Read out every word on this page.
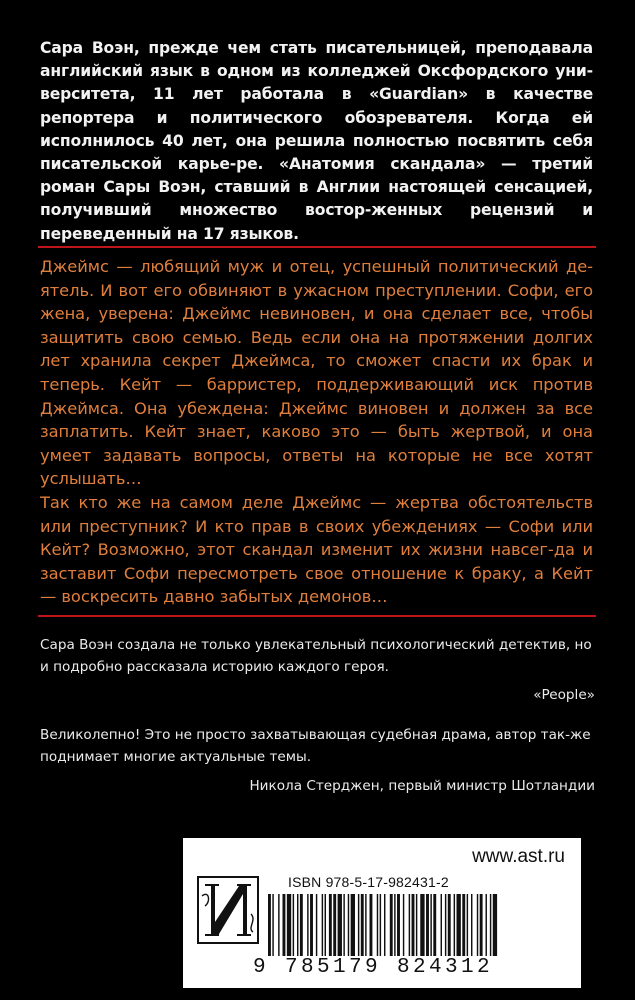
Сара Воэн, прежде чем стать писательницей, преподавала английский язык в одном из колледжей Оксфордского уни-верситета, 11 лет работала в «Guardian» в качестве репортера и политического обозревателя. Когда ей исполнилось 40 лет, она решила полностью посвятить себя писательской карье-ре. «Анатомия скандала» — третий роман Сары Воэн, ставший в Англии настоящей сенсацией, получивший множество востор-женных рецензий и переведенный на 17 языков.

Джеймс — любящий муж и отец, успешный политический де-ятель. И вот его обвиняют в ужасном преступлении. Софи, его жена, уверена: Джеймс невиновен, и она сделает все, чтобы защитить свою семью. Ведь если она на протяжении долгих лет хранила секрет Джеймса, то сможет спасти их брак и теперь. Кейт — барристер, поддерживающий иск против Джеймса. Она убеждена: Джеймс виновен и должен за все заплатить. Кейт знает, каково это — быть жертвой, и она умеет задавать вопросы, ответы на которые не все хотят услышать…

Так кто же на самом деле Джеймс — жертва обстоятельств или преступник? И кто прав в своих убеждениях — Софи или Кейт? Возможно, этот скандал изменит их жизни навсег-да и заставит Софи пересмотреть свое отношение к браку, а Кейт — воскресить давно забытых демонов…

Сара Воэн создала не только увлекательный психологический детектив, но и подробно рассказала историю каждого героя.
«People»
Великолепно! Это не просто захватывающая судебная драма, автор так-же поднимает многие актуальные темы.
Никола Стерджен, первый министр Шотландии
www.ast.ru
ISBN 978-5-17-982431-2
9 785179 824312
